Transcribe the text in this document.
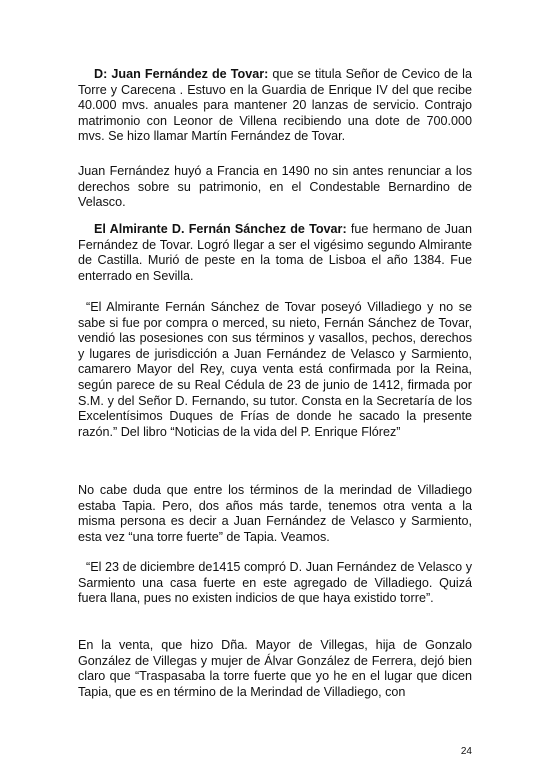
D: Juan Fernández de Tovar: que se titula Señor de Cevico de la Torre y Carecena . Estuvo en la Guardia de Enrique IV del que recibe 40.000 mvs. anuales para mantener 20 lanzas de servicio. Contrajo matrimonio con Leonor de Villena recibiendo una dote de 700.000 mvs. Se hizo llamar Martín Fernández de Tovar.

Juan Fernández huyó a Francia en 1490 no sin antes renunciar a los derechos sobre su patrimonio, en el Condestable Bernardino de Velasco.

El Almirante D. Fernán Sánchez de Tovar: fue hermano de Juan Fernández de Tovar. Logró llegar a ser el vigésimo segundo Almirante de Castilla. Murió de peste en la toma de Lisboa el año 1384. Fue enterrado en Sevilla.

“El Almirante Fernán Sánchez de Tovar poseyó Villadiego y no se sabe si fue por compra o merced, su nieto, Fernán Sánchez de Tovar, vendió las posesiones con sus términos y vasallos, pechos, derechos y lugares de jurisdicción a Juan Fernández de Velasco y Sarmiento, camarero Mayor del Rey, cuya venta está confirmada por la Reina, según parece de su Real Cédula de 23 de junio de 1412, firmada por S.M. y del Señor D. Fernando, su tutor. Consta en la Secretaría de los Excelentísimos Duques de Frías de donde he sacado la presente razón.” Del libro “Noticias de la vida del P. Enrique Flórez”

No cabe duda que entre los términos de la merindad de Villadiego estaba Tapia. Pero, dos años más tarde, tenemos otra venta a la misma persona es decir a Juan Fernández de Velasco y Sarmiento, esta vez “una torre fuerte” de Tapia. Veamos.

“El 23 de diciembre de1415 compró D. Juan Fernández de Velasco y Sarmiento una casa fuerte en este agregado de Villadiego. Quizá fuera llana, pues no existen indicios de que haya existido torre”.

En la venta, que hizo Dña. Mayor de Villegas, hija de Gonzalo González de Villegas y mujer de Álvar González de Ferrera, dejó bien claro que “Traspasaba la torre fuerte que yo he en el lugar que dicen Tapia, que es en término de la Merindad de Villadiego, con

24
